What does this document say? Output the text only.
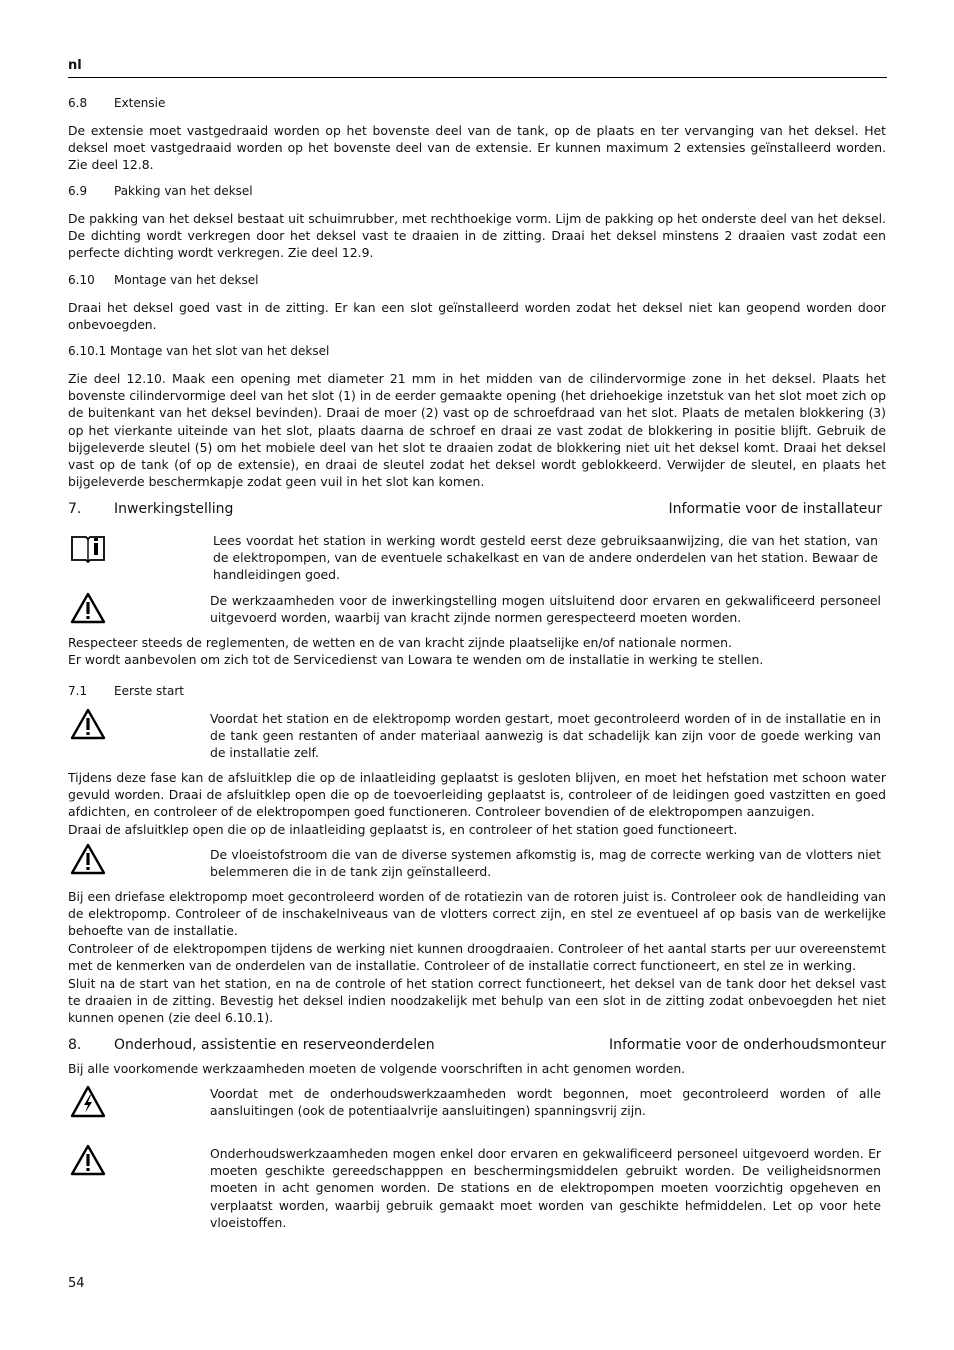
nl
6.8 Extensie

De extensie moet vastgedraaid worden op het bovenste deel van de tank, op de plaats en ter vervanging van het deksel. Het deksel moet vastgedraaid worden op het bovenste deel van de extensie. Er kunnen maximum 2 extensies geïnstalleerd worden. Zie deel 12.8.

6.9 Pakking van het deksel

De pakking van het deksel bestaat uit schuimrubber, met rechthoekige vorm. Lijm de pakking op het onderste deel van het deksel. De dichting wordt verkregen door het deksel vast te draaien in de zitting. Draai het deksel minstens 2 draaien vast zodat een perfecte dichting wordt verkregen. Zie deel 12.9.

6.10 Montage van het deksel

Draai het deksel goed vast in de zitting. Er kan een slot geïnstalleerd worden zodat het deksel niet kan geopend worden door onbevoegden.

6.10.1 Montage van het slot van het deksel

Zie deel 12.10. Maak een opening met diameter 21 mm in het midden van de cilindervormige zone in het deksel. Plaats het bovenste cilindervormige deel van het slot (1) in de eerder gemaakte opening (het driehoekige inzetstuk van het slot moet zich op de buitenkant van het deksel bevinden). Draai de moer (2) vast op de schroefdraad van het slot. Plaats de metalen blokkering (3) op het vierkante uiteinde van het slot, plaats daarna de schroef en draai ze vast zodat de blokkering in positie blijft. Gebruik de bijgeleverde sleutel (5) om het mobiele deel van het slot te draaien zodat de blokkering niet uit het deksel komt. Draai het deksel vast op de tank (of op de extensie), en draai de sleutel zodat het deksel wordt geblokkeerd. Verwijder de sleutel, en plaats het bijgeleverde beschermkapje zodat geen vuil in het slot kan komen.

7. Inwerkingstelling	Informatie voor de installateur

Lees voordat het station in werking wordt gesteld eerst deze gebruiksaanwijzing, die van het station, van de elektropompen, van de eventuele schakelkast en van de andere onderdelen van het station. Bewaar de handleidingen goed.

De werkzaamheden voor de inwerkingstelling mogen uitsluitend door ervaren en gekwalificeerd personeel uitgevoerd worden, waarbij van kracht zijnde normen gerespecteerd moeten worden.

Respecteer steeds de reglementen, de wetten en de van kracht zijnde plaatselijke en/of nationale normen.

Er wordt aanbevolen om zich tot de Servicedienst van Lowara te wenden om de installatie in werking te stellen.

7.1 Eerste start

Voordat het station en de elektropomp worden gestart, moet gecontroleerd worden of in de installatie en in de tank geen restanten of ander materiaal aanwezig is dat schadelijk kan zijn voor de goede werking van de installatie zelf.

Tijdens deze fase kan de afsluitklep die op de inlaatleiding geplaatst is gesloten blijven, en moet het hefstation met schoon water gevuld worden. Draai de afsluitklep open die op de toevoerleiding geplaatst is, controleer of de leidingen goed vastzitten en goed afdichten, en controleer of de elektropompen goed functioneren. Controleer bovendien of de elektropompen aanzuigen.

Draai de afsluitklep open die op de inlaatleiding geplaatst is, en controleer of het station goed functioneert.

De vloeistofstroom die van de diverse systemen afkomstig is, mag de correcte werking van de vlotters niet belemmeren die in de tank zijn geïnstalleerd.

Bij een driefase elektropomp moet gecontroleerd worden of de rotatiezin van de rotoren juist is. Controleer ook de handleiding van de elektropomp. Controleer of de inschakelniveaus van de vlotters correct zijn, en stel ze eventueel af op basis van de werkelijke behoefte van de installatie.

Controleer of de elektropompen tijdens de werking niet kunnen droogdraaien. Controleer of het aantal starts per uur overeenstemt met de kenmerken van de onderdelen van de installatie. Controleer of de installatie correct functioneert, en stel ze in werking.

Sluit na de start van het station, en na de controle of het station correct functioneert, het deksel van de tank door het deksel vast te draaien in de zitting. Bevestig het deksel indien noodzakelijk met behulp van een slot in de zitting zodat onbevoegden het niet kunnen openen (zie deel 6.10.1).

8. Onderhoud, assistentie en reserveonderdelen	Informatie voor de onderhoudsmonteur

Bij alle voorkomende werkzaamheden moeten de volgende voorschriften in acht genomen worden.

Voordat met de onderhoudswerkzaamheden wordt begonnen, moet gecontroleerd worden of alle aansluitingen (ook de potentiaalvrije aansluitingen) spanningsvrij zijn.

Onderhoudswerkzaamheden mogen enkel door ervaren en gekwalificeerd personeel uitgevoerd worden. Er moeten geschikte gereedschapppen en beschermingsmiddelen gebruikt worden. De veiligheidsnormen moeten in acht genomen worden. De stations en de elektropompen moeten voorzichtig opgeheven en verplaatst worden, waarbij gebruik gemaakt moet worden van geschikte hefmiddelen. Let op voor hete vloeistoffen.

54
